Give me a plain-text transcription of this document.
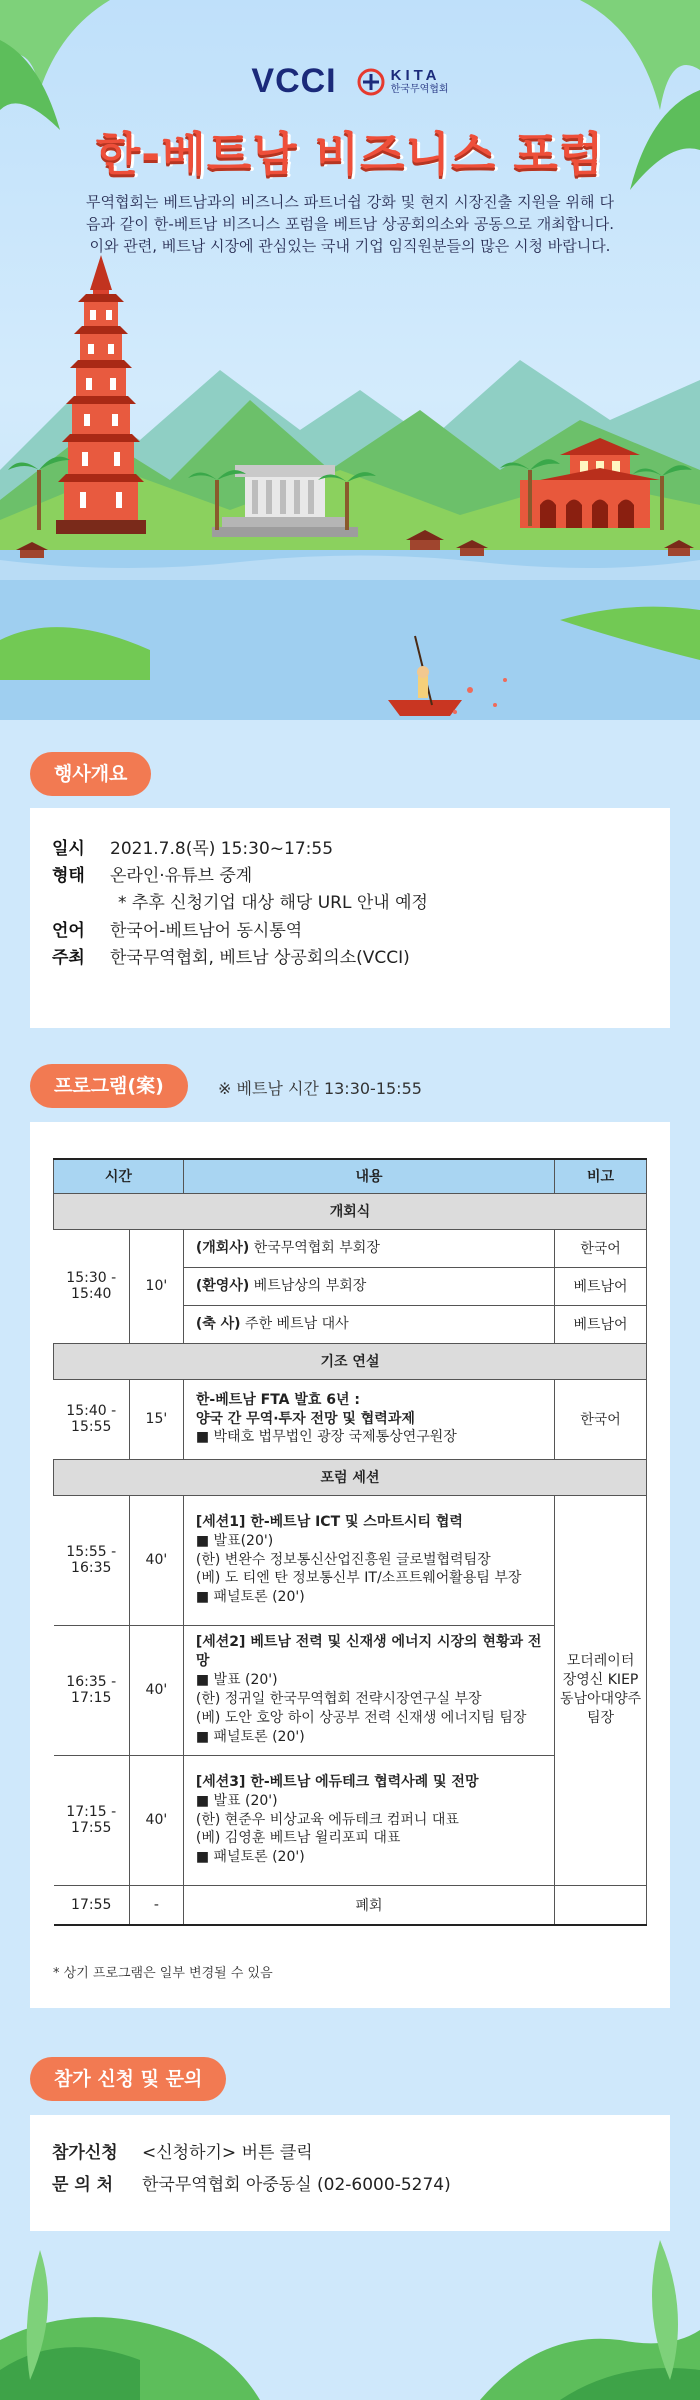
VCCI	KITA
한국무역협회
한-베트남 비즈니스 포럼
무역협회는 베트남과의 비즈니스 파트너쉽 강화 및 현지 시장진출 지원을 위해 다음과 같이 한-베트남 비즈니스 포럼을 베트남 상공회의소와 공동으로 개최합니다. 이와 관련, 베트남 시장에 관심있는 국내 기업 임직원분들의 많은 시청 바랍니다.
행사개요
일시	2021.7.8(목) 15:30~17:55
형태	온라인·유튜브 중계
* 추후 신청기업 대상 해당 URL 안내 예정
언어	한국어-베트남어 동시통역
주최	한국무역협회, 베트남 상공회의소(VCCI)
프로그램(案)	※ 베트남 시간 13:30-15:55
시간		내용	비고
개회식			
15:30 - 15:40	10'	(개회사) 한국무역협회 부회장	한국어
		(환영사) 베트남상의 부회장	베트남어
		(축 사) 주한 베트남 대사	베트남어
기조 연설			
15:40 - 15:55	15'	한-베트남 FTA 발효 6년 :
양국 간 무역·투자 전망 및 협력과제
■ 박태호 법무법인 광장 국제통상연구원장	한국어
포럼 세션			
15:55 - 16:35	40'	[세션1] 한-베트남 ICT 및 스마트시티 협력
■ 발표(20')
(한) 변완수 정보통신산업진흥원 글로벌협력팀장
(베) 도 티엔 탄 정보통신부 IT/소프트웨어활용팀 부장
■ 패널토론 (20')	모더레이터 장영신 KIEP 동남아대양주 팀장
16:35 - 17:15	40'	[세션2] 베트남 전력 및 신재생 에너지 시장의 현황과 전망
■ 발표 (20')
(한) 정귀일 한국무역협회 전략시장연구실 부장
(베) 도안 호앙 하이 상공부 전력 신재생 에너지팀 팀장
■ 패널토론 (20')	

17:15 - 17:55	40'	[세션3] 한-베트남 에듀테크 협력사례 및 전망
■ 발표 (20')
(한) 현준우 비상교육 에듀테크 컴퍼니 대표
(베) 김영훈 베트남 윌리포피 대표
■ 패널토론 (20')	

17:55	-	폐회	
* 상기 프로그램은 일부 변경될 수 있음
참가 신청 및 문의
참가신청	<신청하기> 버튼 클릭
문 의 처	한국무역협회 아중동실 (02-6000-5274)
